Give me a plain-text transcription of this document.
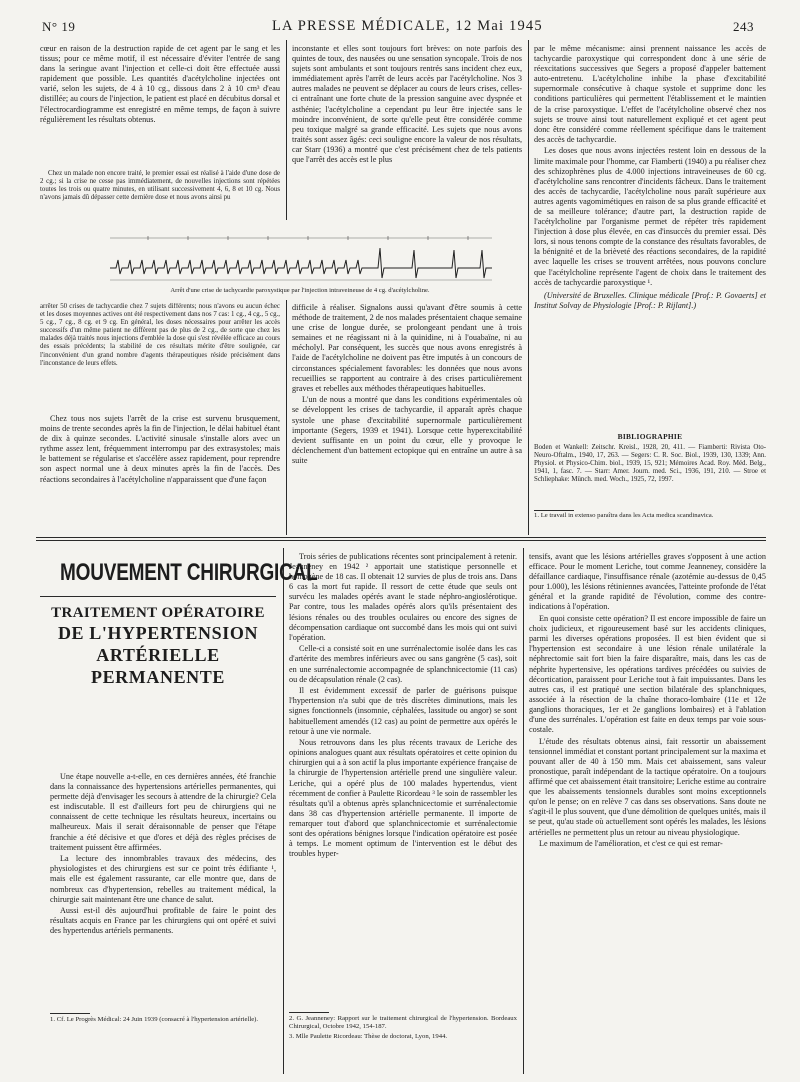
N° 19	LA PRESSE MÉDICALE, 12 Mai 1945	243

cœur en raison de la destruction rapide de cet agent par le sang et les tissus; pour ce même motif, il est nécessaire d'éviter l'entrée de sang dans la seringue avant l'injection et celle-ci doit être effectuée aussi rapidement que possible. Les quantités d'acétylcholine injectées ont varié, selon les sujets, de 4 à 10 cg., dissous dans 2 à 10 cm³ d'eau distillée; au cours de l'injection, le patient est placé en décubitus dorsal et l'électrocardiogramme est enregistré en même temps, de façon à suivre régulièrement les résultats obtenus.

Chez un malade non encore traité, le premier essai est réalisé à l'aide d'une dose de 2 cg.; si la crise ne cesse pas immédiatement, de nouvelles injections sont répétées toutes les trois ou quatre minutes, en utilisant successivement 4, 6, 8 et 10 cg. Nous n'avons jamais dû dépasser cette dernière dose et nous avons ainsi pu

inconstante et elles sont toujours fort brèves: on note parfois des quintes de toux, des nausées ou une sensation syncopale. Trois de nos sujets sont ambulants et sont toujours rentrés sans incident chez eux, immédiatement après l'arrêt de leurs accès par l'acétylcholine. Nos 3 autres malades ne peuvent se déplacer au cours de leurs crises, celles-ci entraînant une forte chute de la pression sanguine avec dyspnée et asthénie; l'acétylcholine a cependant pu leur être injectée sans le moindre inconvénient, de sorte qu'elle peut être considérée comme peu toxique malgré sa grande efficacité. Les sujets que nous avons traités sont assez âgés: ceci souligne encore la valeur de nos résultats, car Starr (1936) a montré que c'est précisément chez de tels patients que l'arrêt des accès est le plus

Arrêt d'une crise de tachycardie paroxystique par l'injection intraveineuse de 4 cg. d'acétylcholine.

arrêter 50 crises de tachycardie chez 7 sujets différents; nous n'avons eu aucun échec et les doses moyennes actives ont été respectivement dans nos 7 cas: 1 cg., 4 cg., 5 cg., 5 cg., 7 cg., 8 cg. et 9 cg. En général, les doses nécessaires pour arrêter les accès successifs d'un même patient ne diffèrent pas de plus de 2 cg., de sorte que chez les malades déjà traités nous injections d'emblée la dose qui s'est révélée efficace au cours des essais précédents; la stabilité de ces résultats mérite d'être soulignée, car l'inconvénient d'un grand nombre d'agents thérapeutiques réside précisément dans l'inconstance de leurs effets.

Chez tous nos sujets l'arrêt de la crise est survenu brusquement, moins de trente secondes après la fin de l'injection, le délai habituel étant de dix à quinze secondes. L'activité sinusale s'installe alors avec un rythme assez lent, fréquemment interrompu par des extrasystoles; mais le battement se régularise et s'accélère assez rapidement, pour reprendre son aspect normal une à deux minutes après la fin de l'accès. Des réactions secondaires à l'acétylcholine n'apparaissent que d'une façon

difficile à réaliser. Signalons aussi qu'avant d'être soumis à cette méthode de traitement, 2 de nos malades présentaient chaque semaine une crise de longue durée, se prolongeant pendant une à trois semaines et ne réagissant ni à la quinidine, ni à l'ouabaïne, ni au mécholyl. Par conséquent, les succès que nous avons enregistrés à l'aide de l'acétylcholine ne doivent pas être imputés à un concours de circonstances spécialement favorables: les données que nous avons recueillies se rapportent au contraire à des crises particulièrement graves et rebelles aux méthodes thérapeutiques habituelles.

L'un de nous a montré que dans les conditions expérimentales où se développent les crises de tachycardie, il apparaît après chaque systole une phase d'excitabilité supernormale particulièrement importante (Segers, 1939 et 1941). Lorsque cette hyperexcitabilité devient suffisante en un point du cœur, elle y provoque le déclenchement d'un battement ectopique qui en entraîne un autre à sa suite

par le même mécanisme: ainsi prennent naissance les accès de tachycardie paroxystique qui correspondent donc à une série de réexcitations successives que Segers a proposé d'appeler battement auto-entretenu. L'acétylcholine inhibe la phase d'excitabilité supernormale consécutive à chaque systole et supprime donc les conditions particulières qui permettent l'établissement et le maintien de la crise paroxystique. L'effet de l'acétylcholine observé chez nos sujets se trouve ainsi tout naturellement expliqué et cet agent peut donc être considéré comme réellement spécifique dans le traitement des accès de tachycardie.

Les doses que nous avons injectées restent loin en dessous de la limite maximale pour l'homme, car Fiamberti (1940) a pu réaliser chez des schizophrènes plus de 4.000 injections intraveineuses de 60 cg. d'acétylcholine sans rencontrer d'incidents fâcheux. Dans le traitement des accès de tachycardie, l'acétylcholine nous paraît supérieure aux autres agents vagomimétiques en raison de sa plus grande efficacité et de sa meilleure tolérance; d'autre part, la destruction rapide de l'acétylcholine par l'organisme permet de répéter très rapidement l'injection à dose plus élevée, en cas d'insuccès du premier essai. Dès lors, si nous tenons compte de la constance des résultats favorables, de la bénignité et de la brièveté des réactions secondaires, de la rapidité avec laquelle les crises se trouvent arrêtées, nous pouvons conclure que l'acétylcholine représente l'agent de choix dans le traitement des accès de tachycardie paroxystique ¹.

(Université de Bruxelles. Clinique médicale [Prof.: P. Govaerts] et Institut Solvay de Physiologie [Prof.: P. Rijlant].)

BIBLIOGRAPHIE

Boden et Wankell: Zeitschr. Kreisl., 1928, 20, 411. — Fiamberti: Rivista Oto-Neuro-Oftalm., 1940, 17, 263. — Segers: C. R. Soc. Biol., 1939, 130, 1339; Ann. Physiol. et Physico-Chim. biol., 1939, 15, 921; Mémoires Acad. Roy. Méd. Belg., 1941, 1, fasc. 7. — Starr: Amer. Journ. med. Sci., 1936, 191, 210. — Stroe et Schliephake: Münch. med. Woch., 1925, 72, 1997.

1. Le travail in extenso paraîtra dans les Acta medica scandinavica.

MOUVEMENT CHIRURGICAL
TRAITEMENT OPÉRATOIRE
DE L'HYPERTENSION
ARTÉRIELLE
PERMANENTE

Une étape nouvelle a-t-elle, en ces dernières années, été franchie dans la connaissance des hypertensions artérielles permanentes, qui permette déjà d'envisager les secours à attendre de la chirurgie? Cela est indiscutable. Il est d'ailleurs fort peu de chirurgiens qui ne connaissent de cette technique les résultats heureux, incertains ou malheureux. Mais il serait déraisonnable de penser que l'étape franchie a été décisive et que d'ores et déjà des règles précises de traitement puissent être affirmées.

La lecture des innombrables travaux des médecins, des physiologistes et des chirurgiens est sur ce point très édifiante ¹, mais elle est également rassurante, car elle montre que, dans de nombreux cas d'hypertension, rebelles au traitement médical, la chirurgie sait maintenant être une chance de salut.

Aussi est-il dès aujourd'hui profitable de faire le point des résultats acquis en France par les chirurgiens qui ont opéré et suivi des hypertendus artériels permanents.

1. Cf. Le Progrès Médical: 24 Juin 1939 (consacré à l'hypertension artérielle).

Trois séries de publications récentes sont principalement à retenir. Jeanneney en 1942 ² apportait une statistique personnelle et homogène de 18 cas. Il obtenait 12 survies de plus de trois ans. Dans 6 cas la mort fut rapide. Il ressort de cette étude que seuls ont survécu les malades opérés avant le stade néphro-angioslérotique. Par contre, tous les malades opérés alors qu'ils présentaient des lésions rénales ou des troubles oculaires ou encore des signes de décompensation cardiaque ont succombé dans les mois qui ont suivi l'opération.

Celle-ci a consisté soit en une surrénalectomie isolée dans les cas d'artérite des membres inférieurs avec ou sans gangrène (5 cas), soit en une surrénalectomie accompagnée de splanchnicectomie (11 cas) ou de décapsulation rénale (2 cas).

Il est évidemment excessif de parler de guérisons puisque l'hypertension n'a subi que de très discrètes diminutions, mais les signes fonctionnels (insomnie, céphalées, lassitude ou angor) se sont habituellement amendés (12 cas) au point de permettre aux opérés le retour à une vie normale.

Nous retrouvons dans les plus récents travaux de Leriche des opinions analogues quant aux résultats opératoires et cette opinion du chirurgien qui a à son actif la plus importante expérience française de la chirurgie de l'hypertension artérielle prend une singulière valeur. Leriche, qui a opéré plus de 100 malades hypertendus, vient récemment de confier à Paulette Ricordeau ³ le soin de rassembler les résultats qu'il a obtenus après splanchnicectomie et surrénalectomie dans 38 cas d'hypertension artérielle permanente. Il importe de remarquer tout d'abord que splanchnicectomie et surrénalectomie sont des opérations bénignes lorsque l'indication opératoire est posée à temps. Le moment optimum de l'intervention est le début des troubles hyper-

2. G. Jeanneney: Rapport sur le traitement chirurgical de l'hypertension. Bordeaux Chirurgical, Octobre 1942, 154-187.

3. Mlle Paulette Ricordeau: Thèse de doctorat, Lyon, 1944.

tensifs, avant que les lésions artérielles graves s'opposent à une action efficace. Pour le moment Leriche, tout comme Jeanneney, considère la défaillance cardiaque, l'insuffisance rénale (azotémie au-dessus de 0,45 pour 1.000), les lésions rétiniennes avancées, l'atteinte profonde de l'état général et la grande rapidité de l'évolution, comme des contre-indications à l'opération.

En quoi consiste cette opération? Il est encore impossible de faire un choix judicieux, et rigoureusement basé sur les accidents cliniques, parmi les diverses opérations proposées. Il est bien évident que si l'hypertension est secondaire à une lésion rénale unilatérale la néphrectomie sait fort bien la faire disparaître, mais, dans les cas de néphrite hypertensive, les opérations tardives précédées ou suivies de décortication, paraissent pour Leriche tout à fait impuissantes. Dans les autres cas, il est pratiqué une section bilatérale des splanchniques, associée à la résection de la chaîne thoraco-lombaire (11e et 12e ganglions thoraciques, 1er et 2e ganglions lombaires) et à l'ablation d'une des surrénales. L'opération est faite en deux temps par voie sous-costale.

L'étude des résultats obtenus ainsi, fait ressortir un abaissement tensionnel immédiat et constant portant principalement sur la maxima et pouvant aller de 40 à 150 mm. Mais cet abaissement, sans valeur pronostique, paraît indépendant de la tactique opératoire. On a toujours affirmé que cet abaissement était transitoire; Leriche estime au contraire que les abaissements tensionnels durables sont moins exceptionnels qu'on le pense; on en relève 7 cas dans ses observations. Sans doute ne s'agit-il le plus souvent, que d'une démolition de quelques unités, mais il se peut, qu'au stade où actuellement sont opérés les malades, les lésions artérielles ne permettent plus un retour au niveau physiologique.

Le maximum de l'amélioration, et c'est ce qui est remar-
